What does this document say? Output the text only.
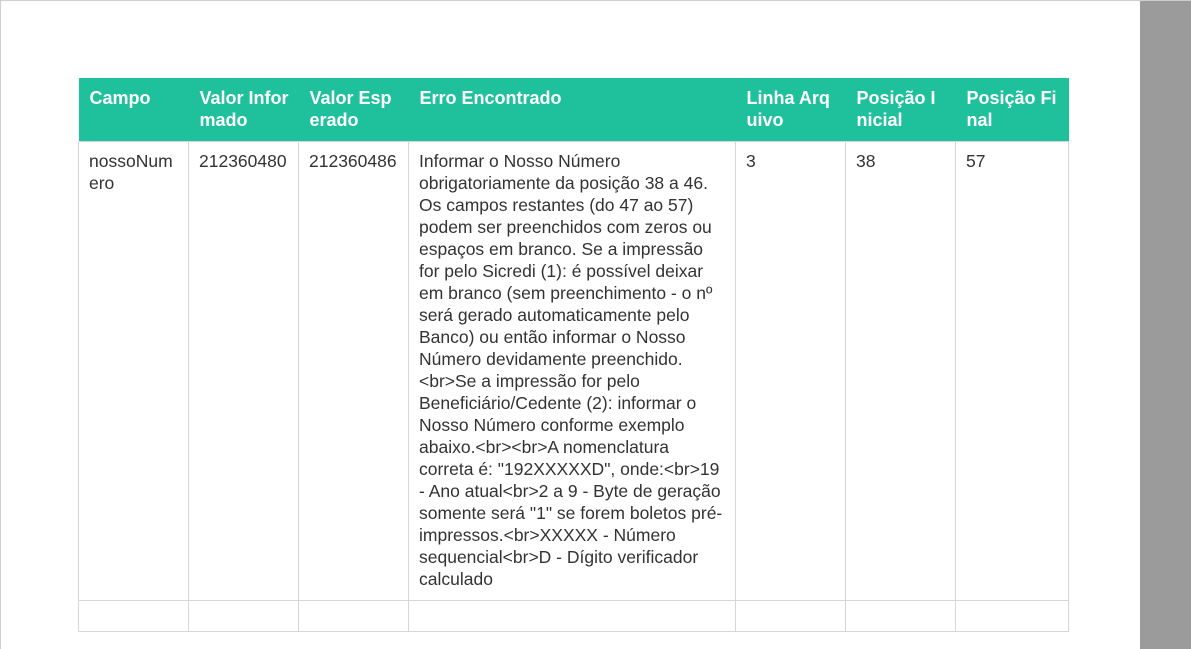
Campo	Valor Informado	Valor Esperado	Erro Encontrado	Linha Arquivo	Posição Inicial	Posição Final
nossoNumero	212360480	212360486	Informar o Nosso Número obrigatoriamente da posição 38 a 46. Os campos restantes (do 47 ao 57) podem ser preenchidos com zeros ou espaços em branco. Se a impressão for pelo Sicredi (1): é possível deixar em branco (sem preenchimento - o nº será gerado automaticamente pelo Banco) ou então informar o Nosso Número devidamente preenchido.<br>Se a impressão for pelo Beneficiário/Cedente (2): informar o Nosso Número conforme exemplo abaixo.<br><br>A nomenclatura correta é: "192XXXXXD", onde:<br>19 - Ano atual<br>2 a 9 - Byte de geração somente será "1" se forem boletos pré-impressos.<br>XXXXX - Número sequencial<br>D - Dígito verificador calculado	3	38	57
